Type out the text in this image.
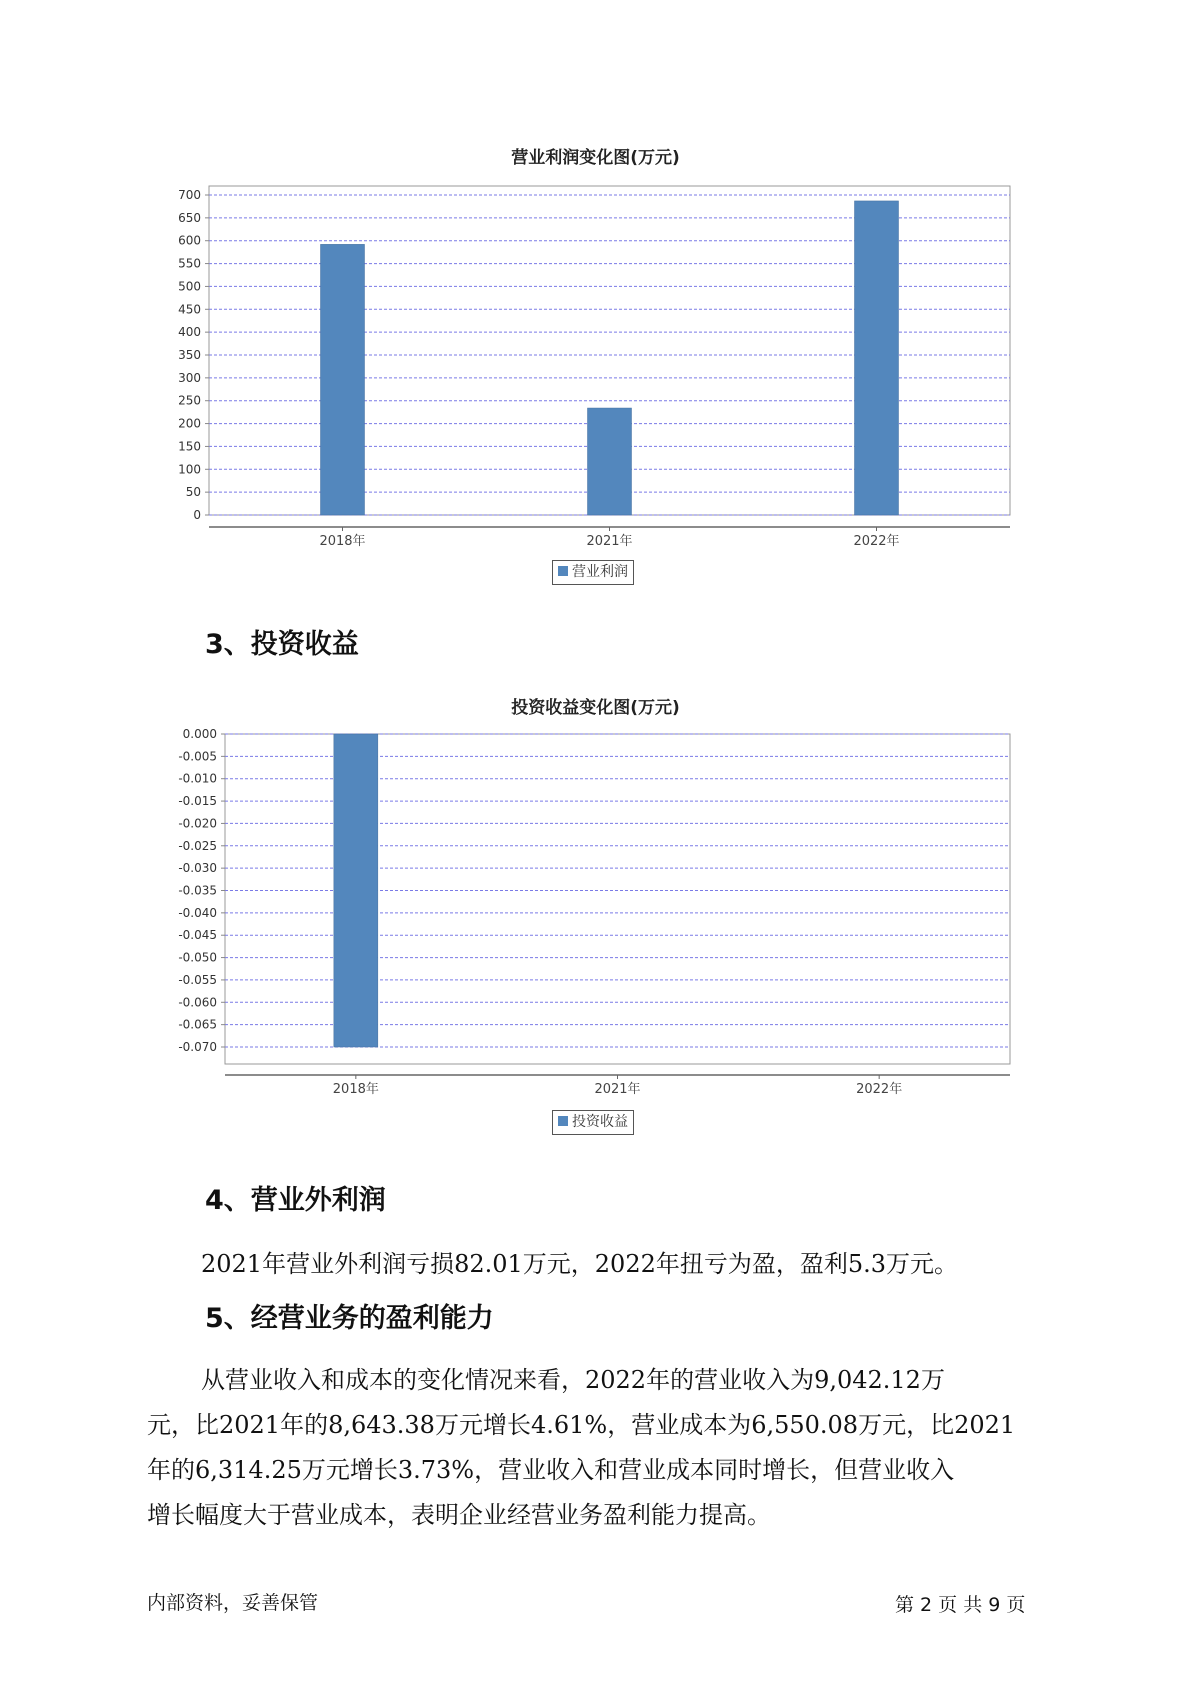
营业利润变化图(万元)
0
50
100
150
200
250
300
350
400
450
500
550
600
650
700
2018年	2021年	2022年
营业利润
3、投资收益
投资收益变化图(万元)
0.000
-0.005
-0.010
-0.015
-0.020
-0.025
-0.030
-0.035
-0.040
-0.045
-0.050
-0.055
-0.060
-0.065
-0.070
2018年	2021年	2022年
投资收益
4、营业外利润
2021年营业外利润亏损82.01万元，2022年扭亏为盈，盈利5.3万元。
5、经营业务的盈利能力
从营业收入和成本的变化情况来看，2022年的营业收入为9,042.12万
元，比2021年的8,643.38万元增长4.61%，营业成本为6,550.08万元，比2021
年的6,314.25万元增长3.73%，营业收入和营业成本同时增长，但营业收入
增长幅度大于营业成本，表明企业经营业务盈利能力提高。
内部资料，妥善保管	第 2 页 共 9 页
